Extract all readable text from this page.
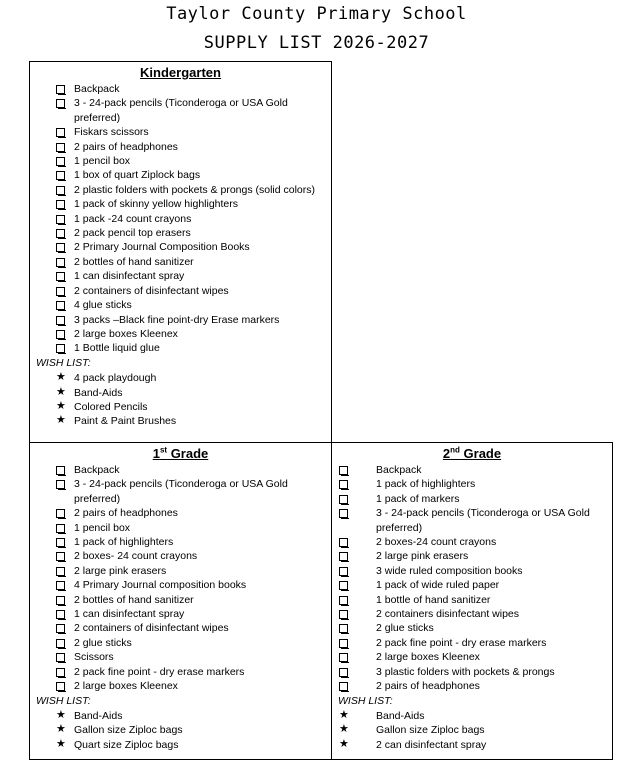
Taylor County Primary School
SUPPLY LIST 2026-2027
Kindergarten
Backpack
3 - 24-pack pencils (Ticonderoga or USA Gold preferred)
Fiskars scissors
2 pairs of headphones
1 pencil box
1 box of quart Ziplock bags
2 plastic folders with pockets & prongs (solid colors)
1 pack of skinny yellow highlighters
1 pack -24 count crayons
2 pack pencil top erasers
2 Primary Journal Composition Books
2 bottles of hand sanitizer
1 can disinfectant spray
2 containers of disinfectant wipes
4 glue sticks
3 packs –Black fine point-dry Erase markers
2 large boxes Kleenex
1 Bottle liquid glue
WISH LIST:
★ 4 pack playdough
★ Band-Aids
★ Colored Pencils
★ Paint & Paint Brushes
1st Grade
Backpack
3 - 24-pack pencils (Ticonderoga or USA Gold preferred)
2 pairs of headphones
1 pencil box
1 pack of highlighters
2 boxes- 24 count crayons
2 large pink erasers
4 Primary Journal composition books
2 bottles of hand sanitizer
1 can disinfectant spray
2 containers of disinfectant wipes
2 glue sticks
Scissors
2 pack fine point - dry erase markers
2 large boxes Kleenex
WISH LIST:
★ Band-Aids
★ Gallon size Ziploc bags
★ Quart size Ziploc bags
2nd Grade
Backpack
1 pack of highlighters
1 pack of markers
3 - 24-pack pencils (Ticonderoga or USA Gold preferred)
2 boxes-24 count crayons
2 large pink erasers
3 wide ruled composition books
1 pack of wide ruled paper
1 bottle of hand sanitizer
2 containers disinfectant wipes
2 glue sticks
2 pack fine point - dry erase markers
2 large boxes Kleenex
3 plastic folders with pockets & prongs
2 pairs of headphones
WISH LIST:
★	Band-Aids
★	Gallon size Ziploc bags
★	2 can disinfectant spray
